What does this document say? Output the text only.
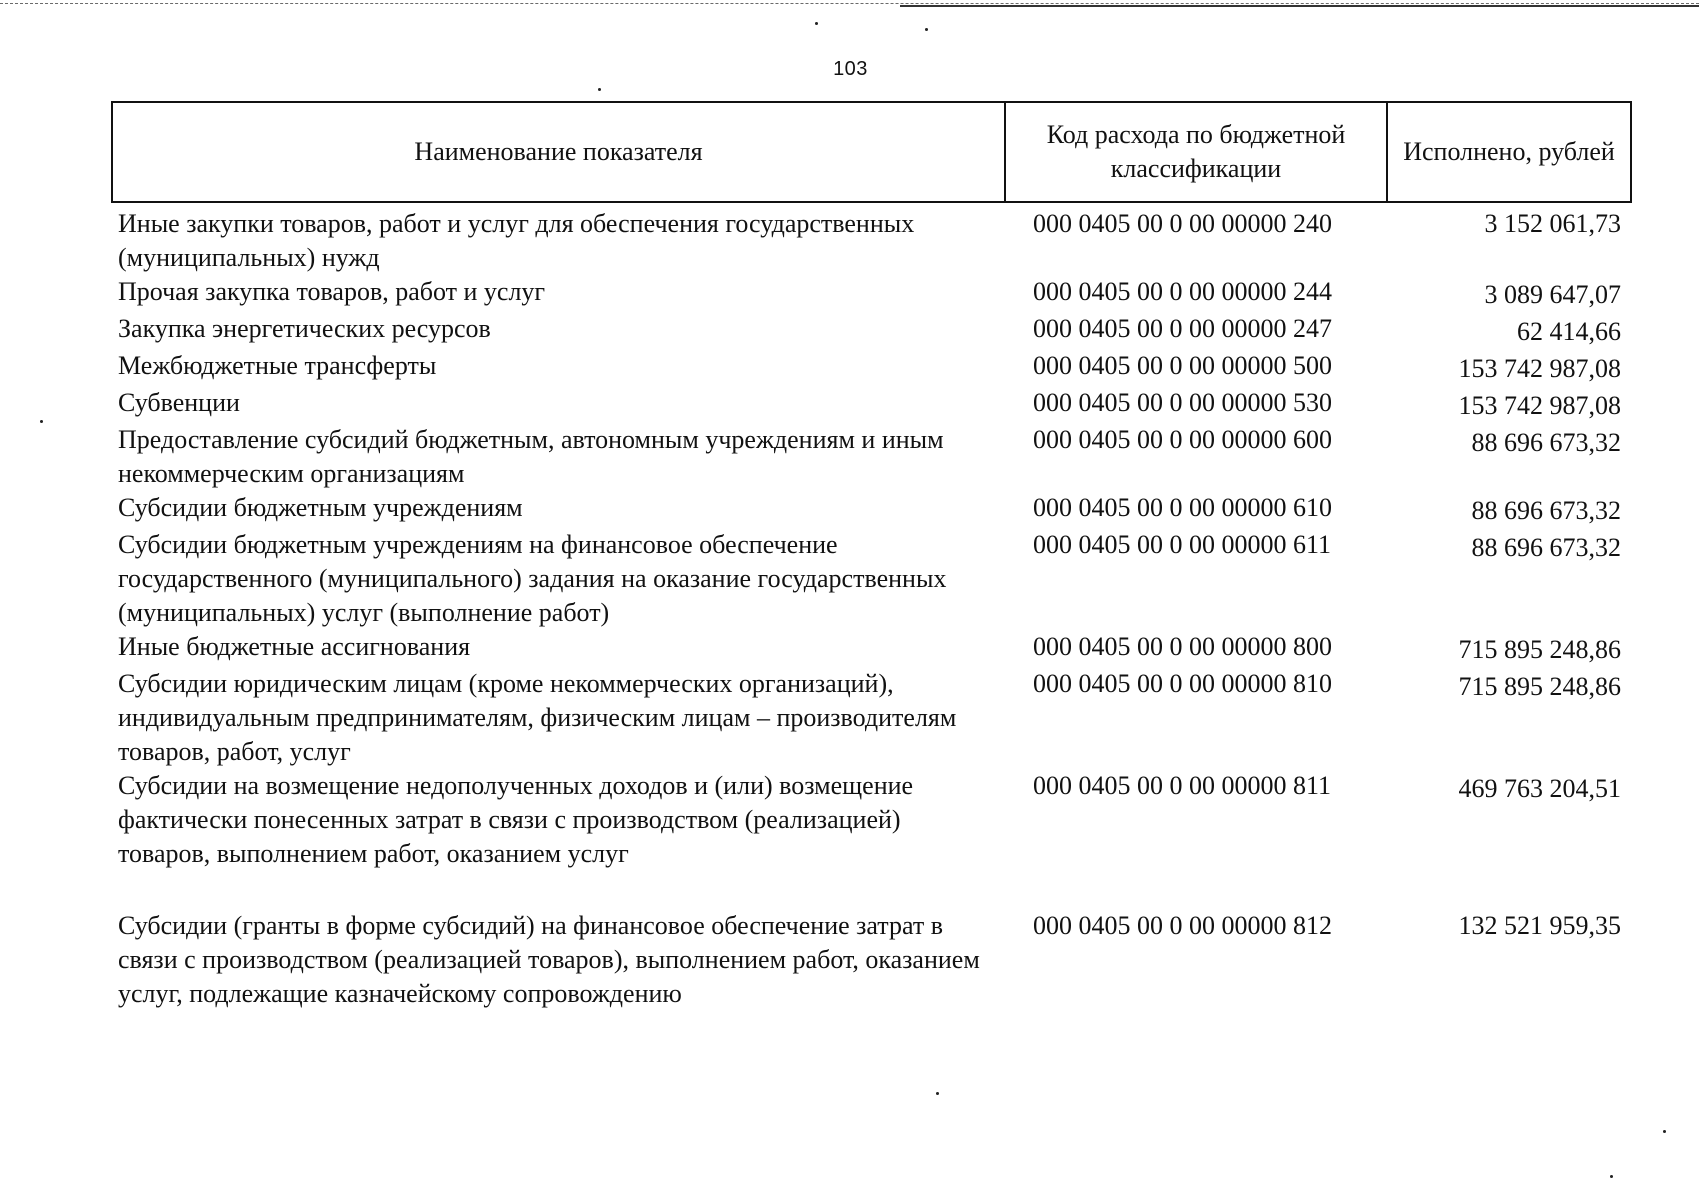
103
Наименование показателя	Код расхода по бюджетной классификации	Исполнено, рублей
Иные закупки товаров, работ и услуг для обеспечения государственных (муниципальных) нужд	000 0405 00 0 00 00000 240	3 152 061,73
Прочая закупка товаров, работ и услуг	000 0405 00 0 00 00000 244	3 089 647,07
Закупка энергетических ресурсов	000 0405 00 0 00 00000 247	62 414,66
Межбюджетные трансферты	000 0405 00 0 00 00000 500	153 742 987,08
Субвенции	000 0405 00 0 00 00000 530	153 742 987,08
Предоставление субсидий бюджетным, автономным учреждениям и иным некоммерческим организациям	000 0405 00 0 00 00000 600	88 696 673,32
Субсидии бюджетным учреждениям	000 0405 00 0 00 00000 610	88 696 673,32
Субсидии бюджетным учреждениям на финансовое обеспечение государственного (муниципального) задания на оказание государственных (муниципальных) услуг (выполнение работ)	000 0405 00 0 00 00000 611	88 696 673,32
Иные бюджетные ассигнования	000 0405 00 0 00 00000 800	715 895 248,86
Субсидии юридическим лицам (кроме некоммерческих организаций), индивидуальным предпринимателям, физическим лицам – производителям товаров, работ, услуг	000 0405 00 0 00 00000 810	715 895 248,86
Субсидии на возмещение недополученных доходов и (или) возмещение фактически понесенных затрат в связи с производством (реализацией) товаров, выполнением работ, оказанием услуг	000 0405 00 0 00 00000 811	469 763 204,51
Субсидии (гранты в форме субсидий) на финансовое обеспечение затрат в связи с производством (реализацией товаров), выполнением работ, оказанием услуг, подлежащие казначейскому сопровождению	000 0405 00 0 00 00000 812	132 521 959,35
